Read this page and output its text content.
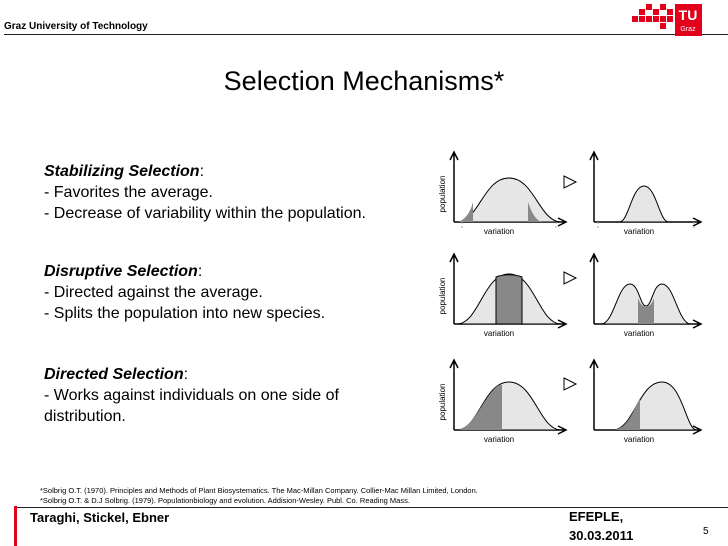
Graz University of Technology
TU
Graz
Selection Mechanisms*
Stabilizing Selection:
- Favorites the average.
- Decrease of variability within the population.
Disruptive Selection:
- Directed against the average.
- Splits the population into new species.
Directed Selection:
- Works against individuals on one side of
distribution.
population
variation	variation
population
variation	variation
population
variation	variation
*Solbrig O.T. (1970). Principles and Methods of Plant Biosystematics. The Mac-Millan Company. Collier-Mac Millan Limited, London.
*Solbrig O.T. & D.J Solbrig. (1979). Populationbiology and evolution. Addision-Wesley. Publ. Co. Reading Mass.
Taraghi, Stickel, Ebner	EFEPLE,
30.03.2011	5
